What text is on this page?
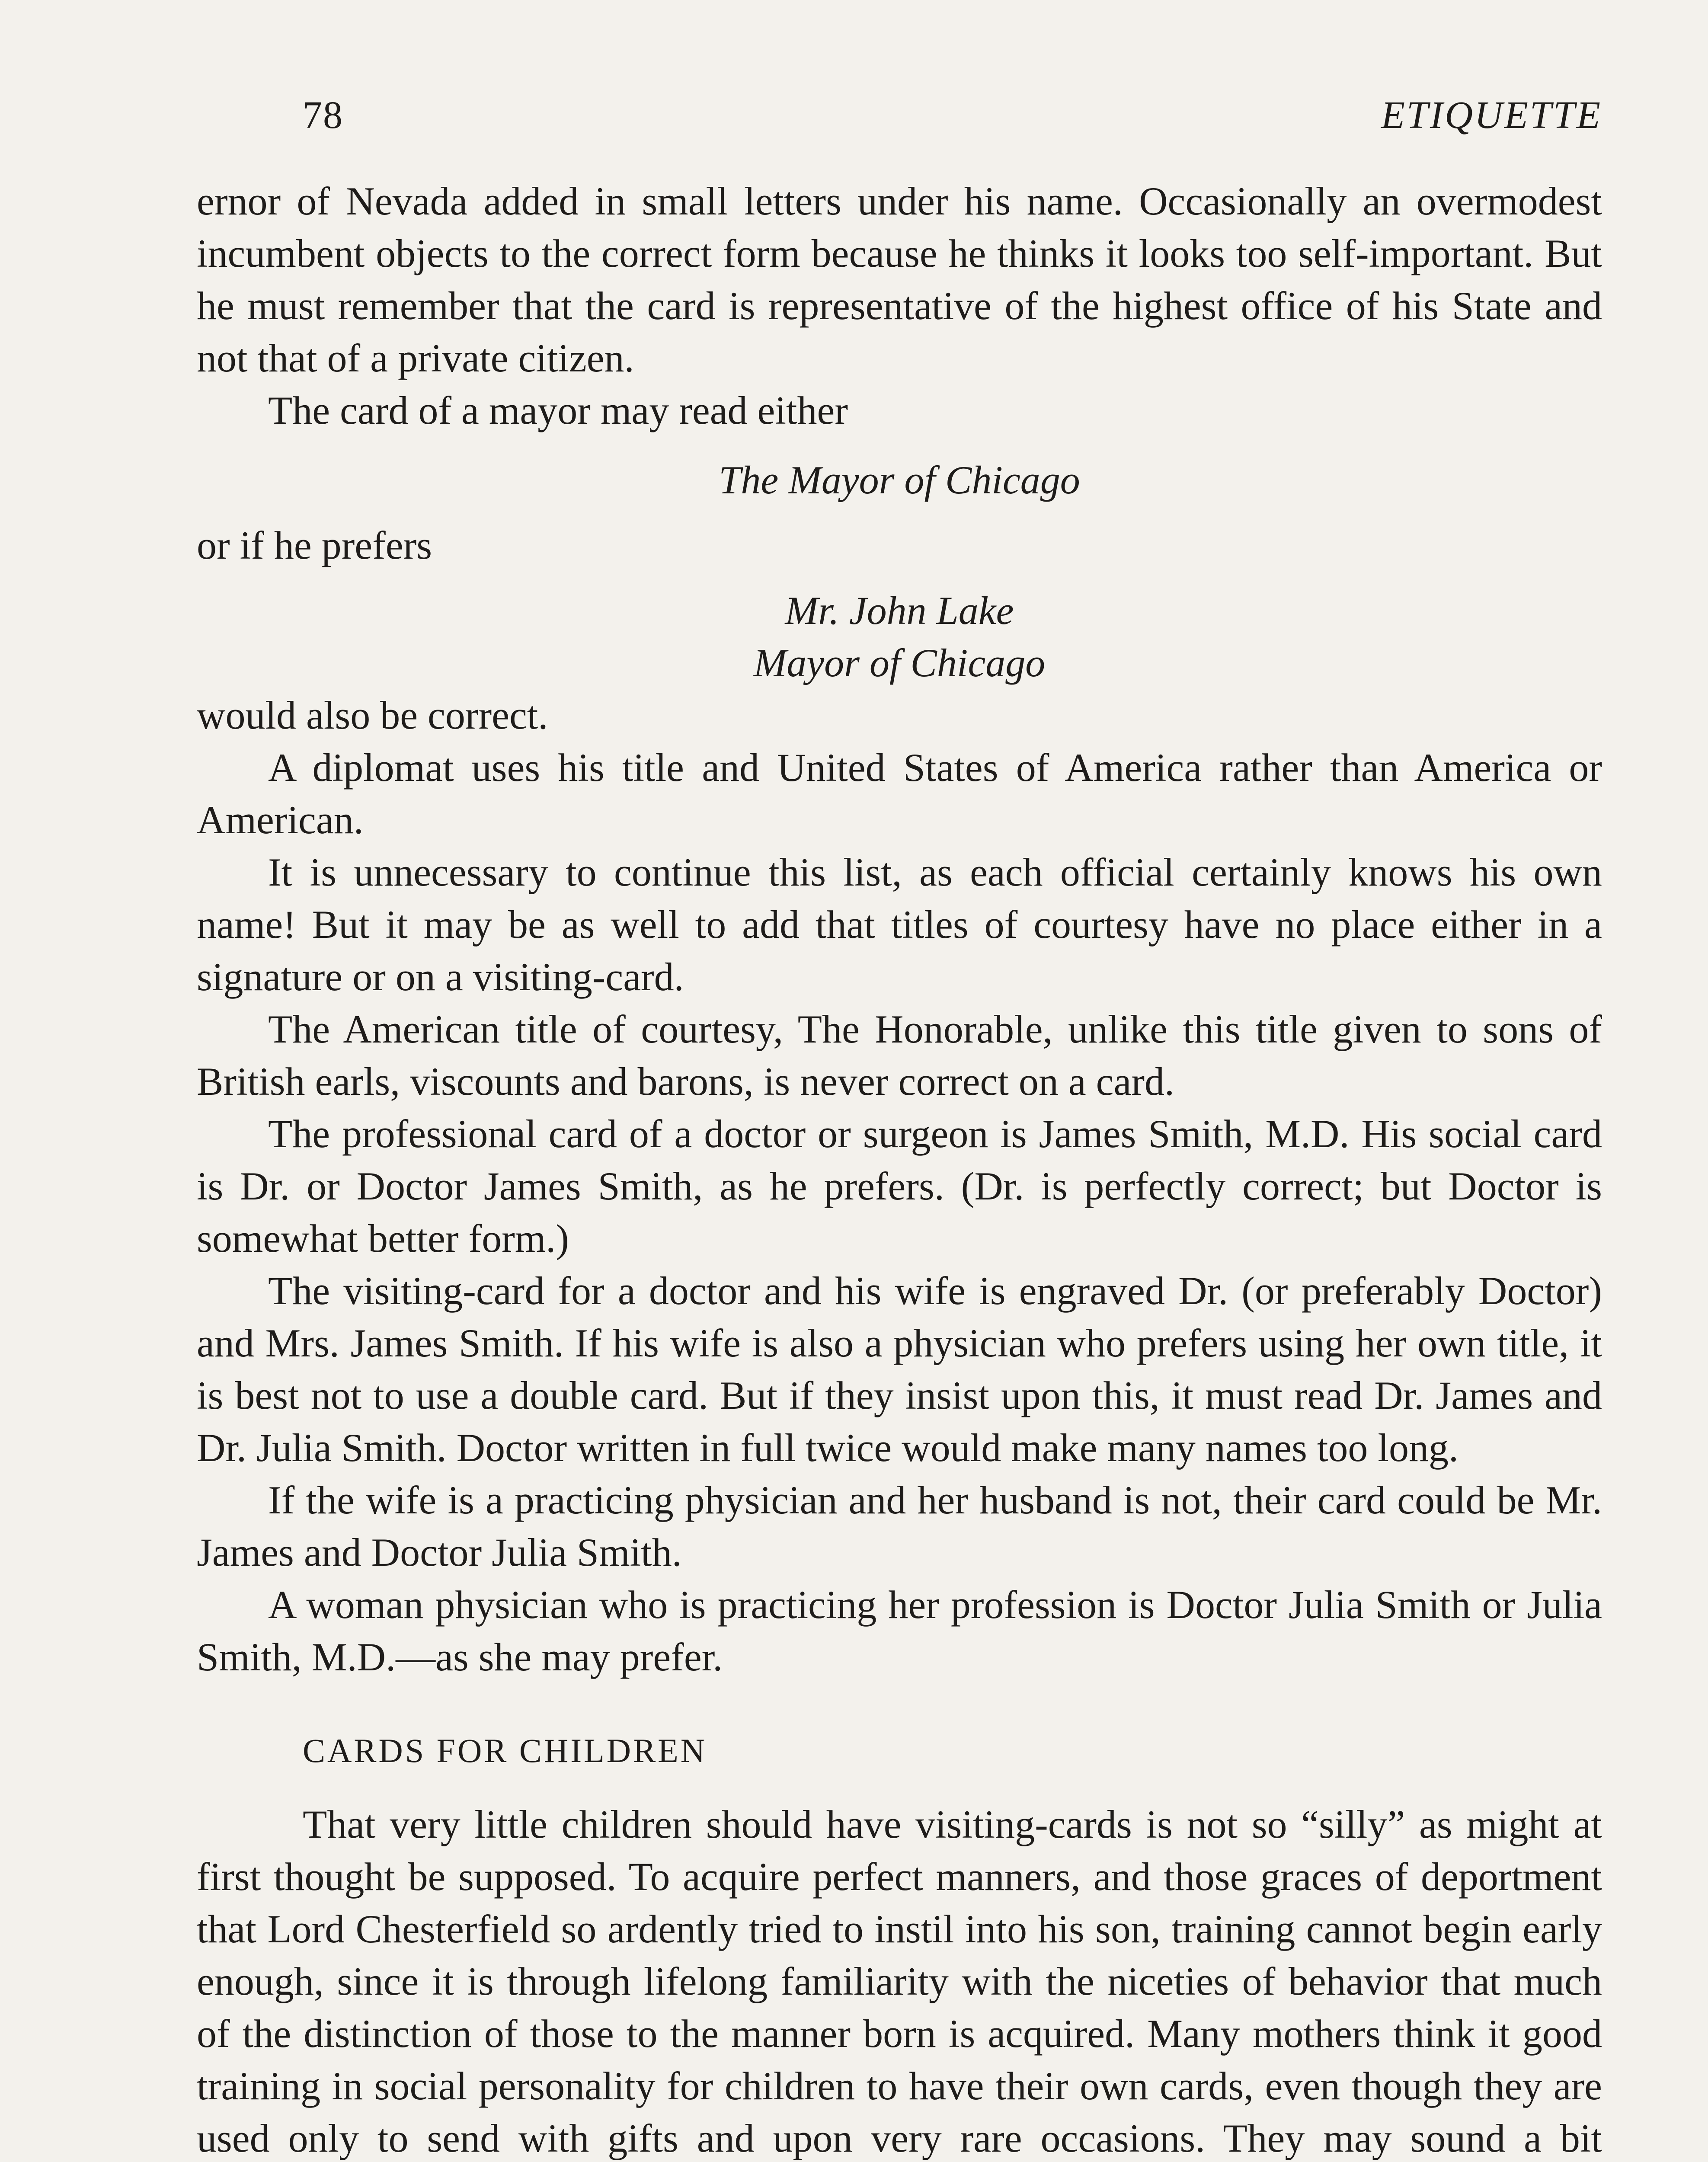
78	ETIQUETTE

ernor of Nevada added in small letters under his name. Occasionally an overmodest incumbent objects to the correct form because he thinks it looks too self-important. But he must remember that the card is representative of the highest office of his State and not that of a private citizen.

The card of a mayor may read either

The Mayor of Chicago

or if he prefers

Mr. John Lake

Mayor of Chicago

would also be correct.

A diplomat uses his title and United States of America rather than America or American.

It is unnecessary to continue this list, as each official certainly knows his own name! But it may be as well to add that titles of courtesy have no place either in a signature or on a visiting-card.

The American title of courtesy, The Honorable, unlike this title given to sons of British earls, viscounts and barons, is never correct on a card.

The professional card of a doctor or surgeon is James Smith, M.D. His social card is Dr. or Doctor James Smith, as he prefers. (Dr. is perfectly correct; but Doctor is somewhat better form.)

The visiting-card for a doctor and his wife is engraved Dr. (or preferably Doctor) and Mrs. James Smith. If his wife is also a physician who prefers using her own title, it is best not to use a double card. But if they insist upon this, it must read Dr. James and Dr. Julia Smith. Doctor written in full twice would make many names too long.

If the wife is a practicing physician and her husband is not, their card could be Mr. James and Doctor Julia Smith.

A woman physician who is practicing her profession is Doctor Julia Smith or Julia Smith, M.D.—as she may prefer.

CARDS FOR CHILDREN

That very little children should have visiting-cards is not so “silly” as might at first thought be supposed. To acquire perfect manners, and those graces of deportment that Lord Chesterfield so ardently tried to instil into his son, training cannot begin early enough, since it is through lifelong familiarity with the niceties of behavior that much of the distinction of those to the manner born is acquired. Many mothers think it good training in social personality for children to have their own cards, even though they are used only to send with gifts and upon very rare occasions. They may sound a bit
